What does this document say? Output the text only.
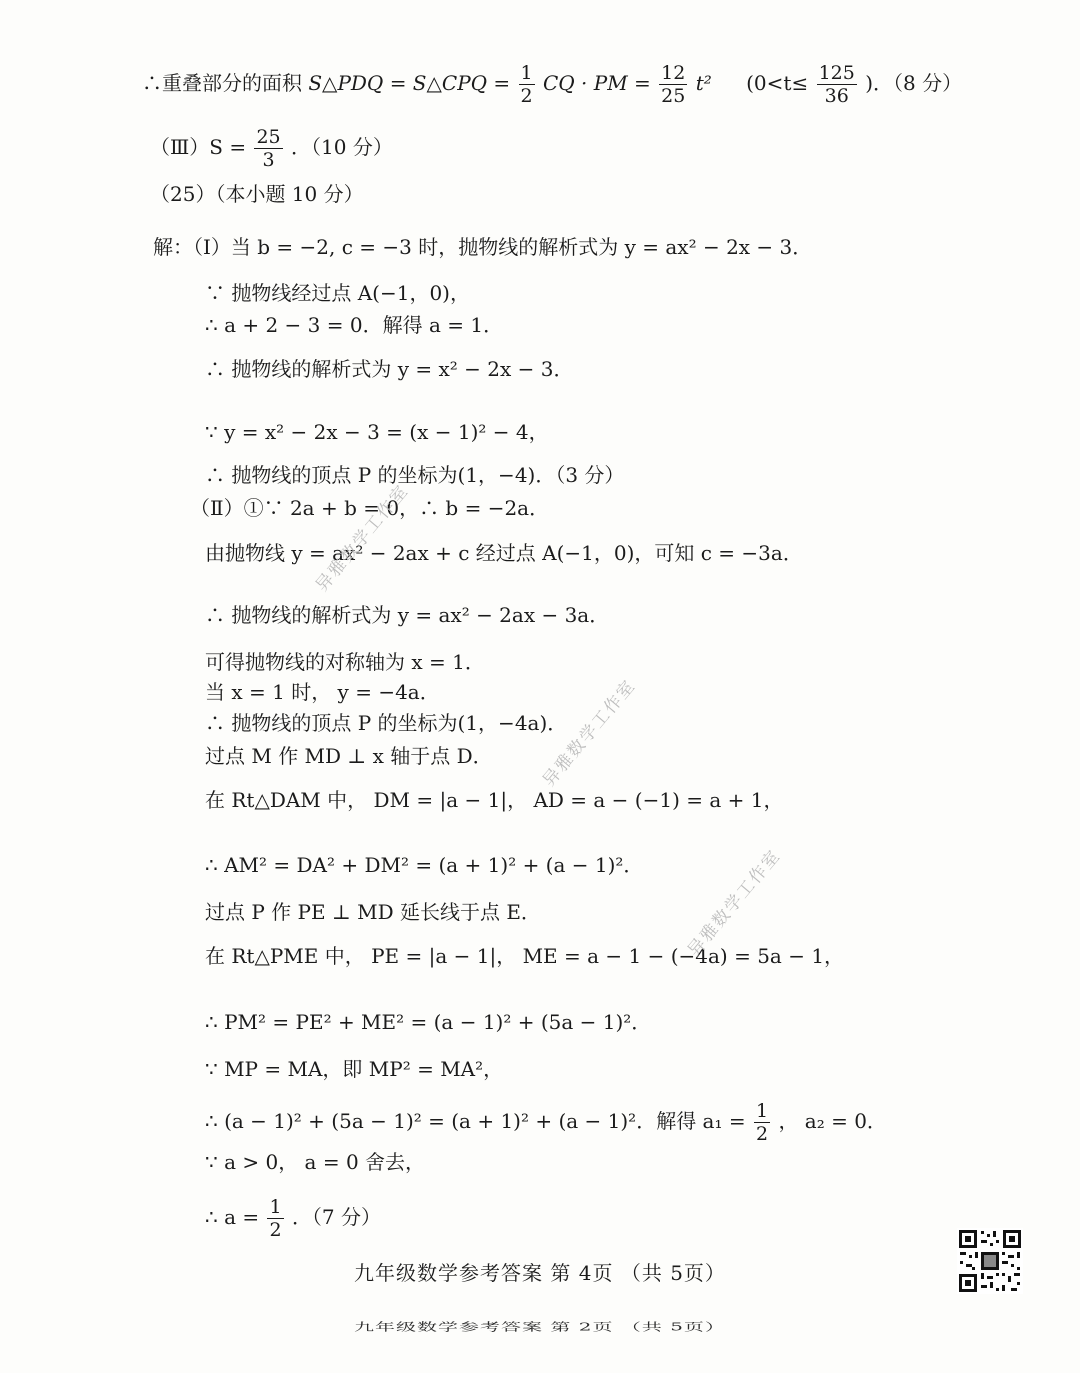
∴重叠部分的面积 S△PDQ = S△CPQ = $\frac{1}{2}$ CQ · PM = $\frac{12}{25} t^2$ ($0<t\le \frac{125}{36}$ )．（8 分）
（Ⅲ）S = $\frac{25}{3}$ ．（10 分）
（25）（本小题 10 分）
解：（Ⅰ）当 b = −2, c = −3 时，抛物线的解析式为 y = ax² − 2x − 3．
∵ 抛物线经过点 A(−1，0)，
∴ a + 2 − 3 = 0．解得 a = 1．
∴ 抛物线的解析式为 y = x² − 2x − 3．
∵ y = x² − 2x − 3 = (x − 1)² − 4，
∴ 抛物线的顶点 P 的坐标为(1，−4)．（3 分）
（Ⅱ）①∵ 2a + b = 0，∴ b = −2a．
由抛物线 y = ax² − 2ax + c 经过点 A(−1，0)，可知 c = −3a．
∴ 抛物线的解析式为 y = ax² − 2ax − 3a．
可得抛物线的对称轴为 x = 1．
当 x = 1 时， y = −4a．
∴ 抛物线的顶点 P 的坐标为(1，−4a)．
过点 M 作 MD ⊥ x 轴于点 D．
在 Rt△DAM 中， DM = |a − 1|， AD = a − (−1) = a + 1，
∴ AM² = DA² + DM² = (a + 1)² + (a − 1)²．
过点 P 作 PE ⊥ MD 延长线于点 E．
在 Rt△PME 中， PE = |a − 1|， ME = a − 1 − (−4a) = 5a − 1，
∴ PM² = PE² + ME² = (a − 1)² + (5a − 1)²．
∵ MP = MA，即 MP² = MA²，
∴ (a − 1)² + (5a − 1)² = (a + 1)² + (a − 1)²．解得 $a_1 = \frac{1}{2}$ ， a₂ = 0．
∵ a > 0， a = 0 舍去，
∴ $a = \frac{1}{2}$ ．（7 分）
异雅数学工作室
异雅数学工作室
异雅数学工作室
九年级数学参考答案 第 4页 （共 5页）
九年级数学参考答案 第 2页 （共 5页）
